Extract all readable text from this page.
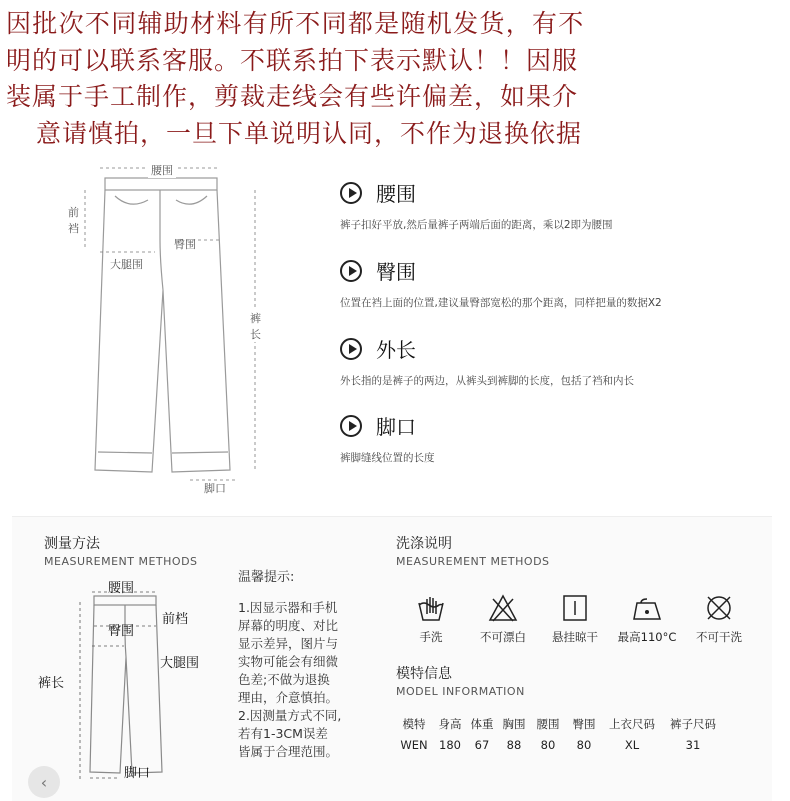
因批次不同辅助材料有所不同都是随机发货，有不
明的可以联系客服。不联系拍下表示默认！！因服
装属于手工制作，剪裁走线会有些许偏差，如果介
意请慎拍，一旦下单说明认同，不作为退换依据
腰围
前
裆
臀围
大腿围
裤
长
脚口
腰围
裤子扣好平放,然后量裤子两端后面的距离，乘以2即为腰围
臀围
位置在裆上面的位置,建议量臀部宽松的那个距离，同样把量的数据X2
外长
外长指的是裤子的两边，从裤头到裤脚的长度，包括了裆和内长
脚口
裤脚缝线位置的长度
测量方法
MEASUREMENT METHODS
腰围
前档
臀围
大腿围
裤长
脚口
温馨提示:
1.因显示器和手机
屏幕的明度、对比
显示差异，图片与
实物可能会有细微
色差;不做为退换
理由，介意慎拍。
2.因测量方式不同,
若有1-3CM误差
皆属于合理范围。
洗涤说明
MEASUREMENT METHODS
手洗	不可漂白	悬挂晾干	最高110°C	不可干洗
模特信息
MODEL INFORMATION
模特	身高	体重	胸围	腰围	臀围	上衣尺码	裤子尺码
WEN	180	67	88	80	80	XL	31
‹
